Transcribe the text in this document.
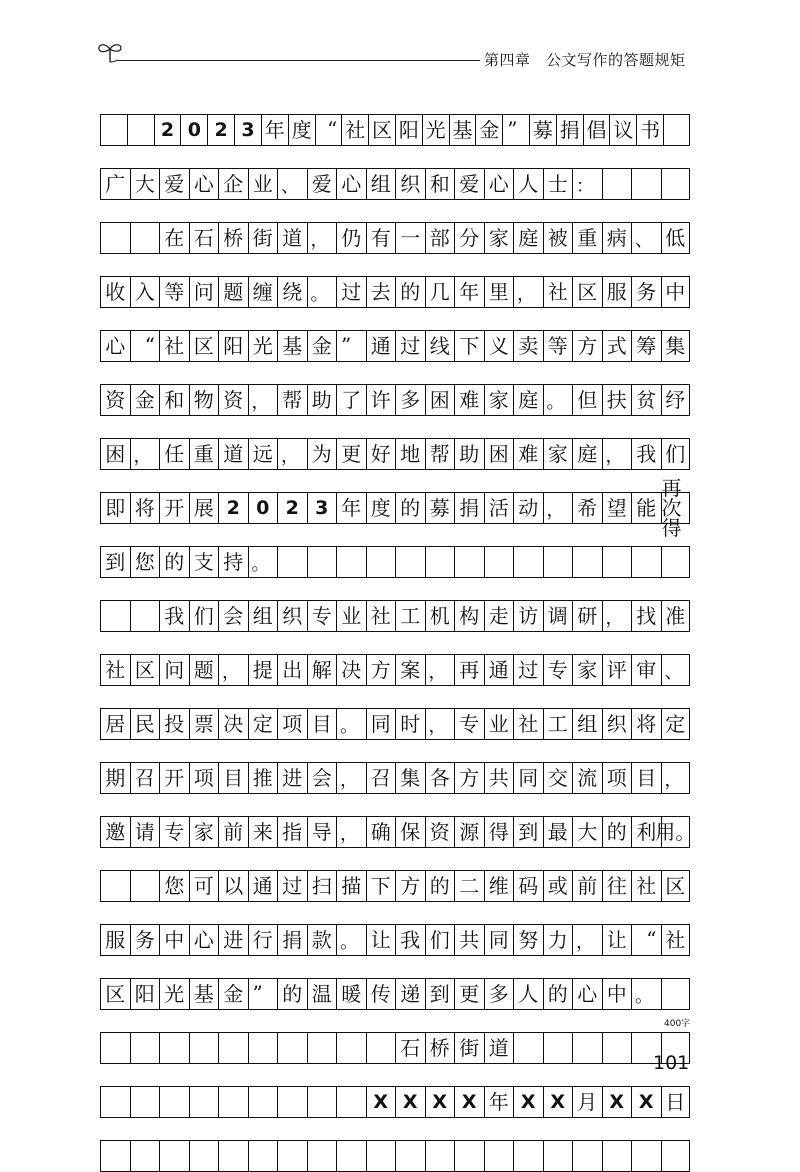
第四章　公文写作的答题规矩
2 0 2 3 年 度 “ 社 区 阳 光 基 金 ” 募 捐 倡 议 书
广 大 爱 心 企 业 、 爱 心 组 织 和 爱 心 人 士 ：
在 石 桥 街 道 ， 仍 有 一 部 分 家 庭 被 重 病 、 低
收 入 等 问 题 缠 绕 。 过 去 的 几 年 里 ， 社 区 服 务 中
心 “ 社 区 阳 光 基 金 ” 通 过 线 下 义 卖 等 方 式 筹 集
资 金 和 物 资 ， 帮 助 了 许 多 困 难 家 庭 。 但 扶 贫 纾
困 ， 任 重 道 远 ， 为 更 好 地 帮 助 困 难 家 庭 ， 我 们
即 将 开 展 2 0 2 3 年 度 的 募 捐 活 动 ， 希 望 能
再次得
到 您 的 支 持 。
我 们 会 组 织 专 业 社 工 机 构 走 访 调 研 ， 找 准
社 区 问 题 ， 提 出 解 决 方 案 ， 再 通 过 专 家 评 审 、
居 民 投 票 决 定 项 目 。 同 时 ， 专 业 社 工 组 织 将 定
期 召 开 项 目 推 进 会 ， 召 集 各 方 共 同 交 流 项 目 ，
邀 请 专 家 前 来 指 导 ， 确 保 资 源 得 到 最 大 的 利 用。
您 可 以 通 过 扫 描 下 方 的 二 维 码 或 前 往 社 区
服 务 中 心 进 行 捐 款 。 让 我 们 共 同 努 力 ， 让 “ 社
区 阳 光 基 金 ” 的 温 暖 传 递 到 更 多 人 的 心 中 。
石 桥 街 道
X X X X 年 X X 月 X X 日
400字
101
